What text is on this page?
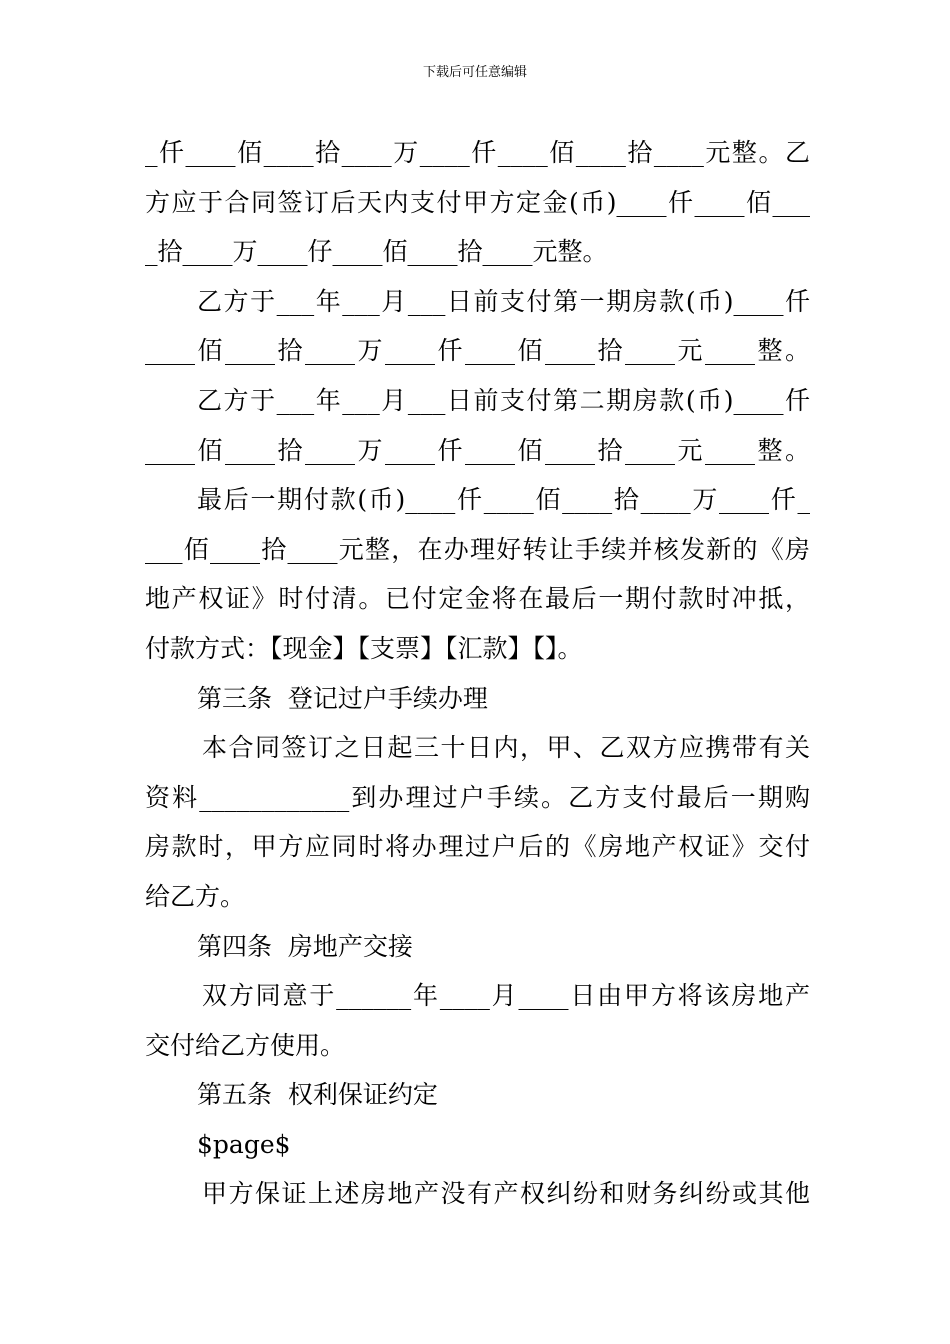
下载后可任意编辑
_仟____佰____拾____万____仟____佰____拾____元整。乙
方应于合同签订后天内支付甲方定金(币)____仟____佰___
_拾____万____仔____佰____拾____元整。
乙方于___年___月___日前支付第一期房款(币)____仟
____佰____拾____万____仟____佰____拾____元____整。
乙方于___年___月___日前支付第二期房款(币)____仟
____佰____拾____万____仟____佰____拾____元____整。
最后一期付款(币)____仟____佰____拾____万____仟_
___佰____拾____元整，在办理好转让手续并核发新的《房
地产权证》时付清。已付定金将在最后一期付款时冲抵，
付款方式：【现金】【支票】【汇款】【】。
第三条  登记过户手续办理
本合同签订之日起三十日内，甲、乙双方应携带有关
资料____________到办理过户手续。乙方支付最后一期购
房款时，甲方应同时将办理过户后的《房地产权证》交付
给乙方。
第四条  房地产交接
双方同意于______年____月____日由甲方将该房地产
交付给乙方使用。
第五条  权利保证约定
$page$
甲方保证上述房地产没有产权纠纷和财务纠纷或其他
